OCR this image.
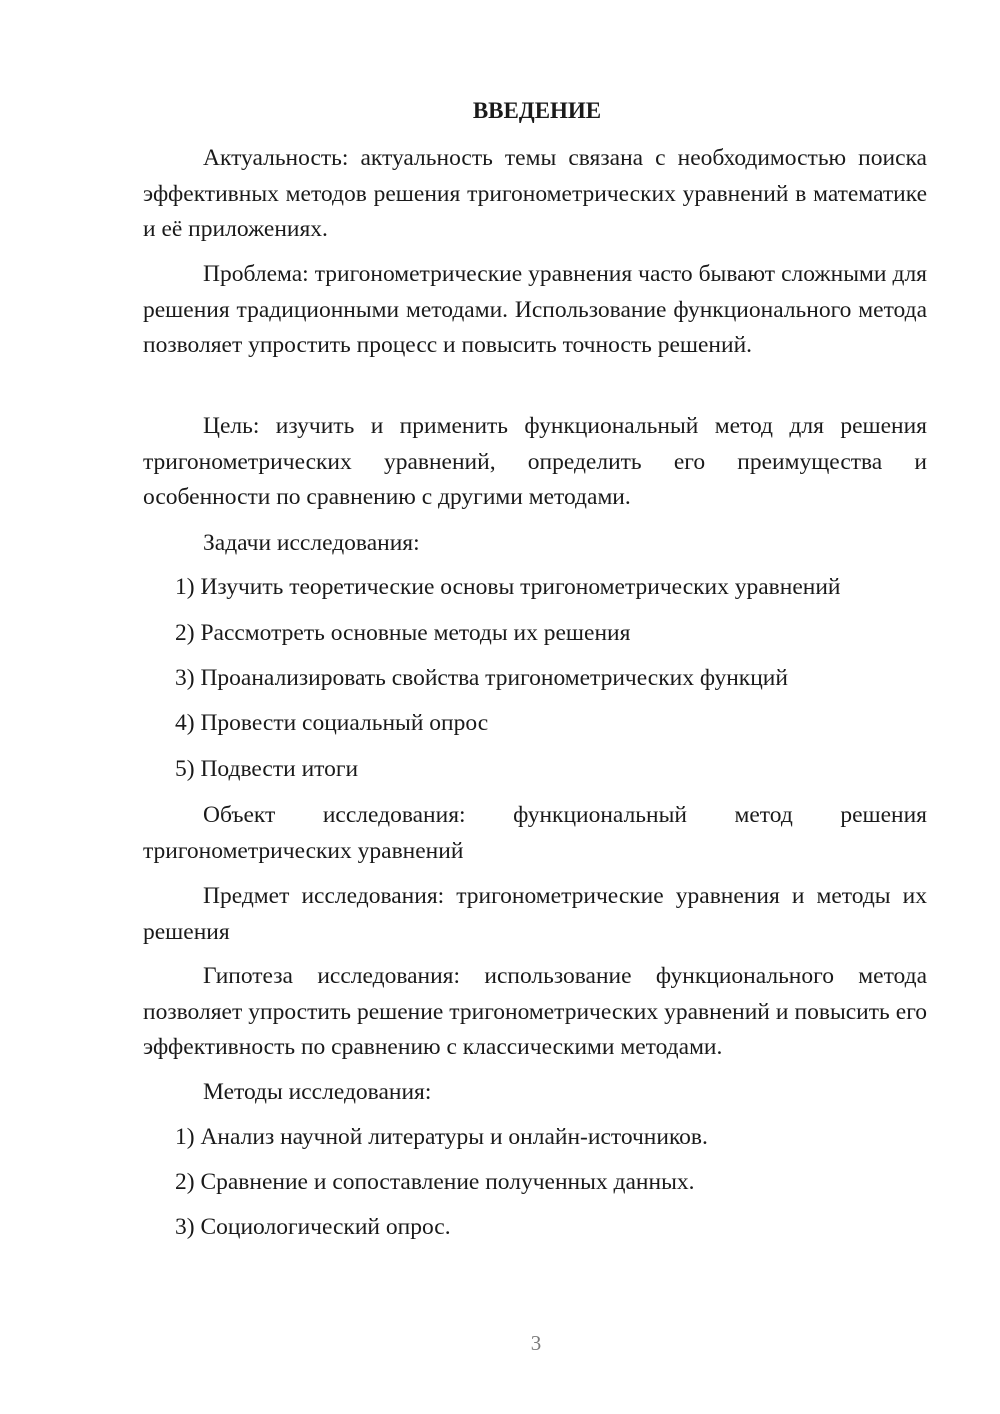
ВВЕДЕНИЕ

Актуальность: актуальность темы связана с необходимостью поиска эффективных методов решения тригонометрических уравнений в математике и её приложениях.

Проблема: тригонометрические уравнения часто бывают сложными для решения традиционными методами. Использование функционального метода позволяет упростить процесс и повысить точность решений.

Цель: изучить и применить функциональный метод для решения тригонометрических уравнений, определить его преимущества и особенности по сравнению с другими методами.

Задачи исследования:

1) Изучить теоретические основы тригонометрических уравнений

2) Рассмотреть основные методы их решения

3) Проанализировать свойства тригонометрических функций

4) Провести социальный опрос

5) Подвести итоги

Объект исследования: функциональный метод решения тригонометрических уравнений

Предмет исследования: тригонометрические уравнения и методы их решения

Гипотеза исследования: использование функционального метода позволяет упростить решение тригонометрических уравнений и повысить его эффективность по сравнению с классическими методами.

Методы исследования:

1) Анализ научной литературы и онлайн-источников.

2) Сравнение и сопоставление полученных данных.

3) Социологический опрос.

3
